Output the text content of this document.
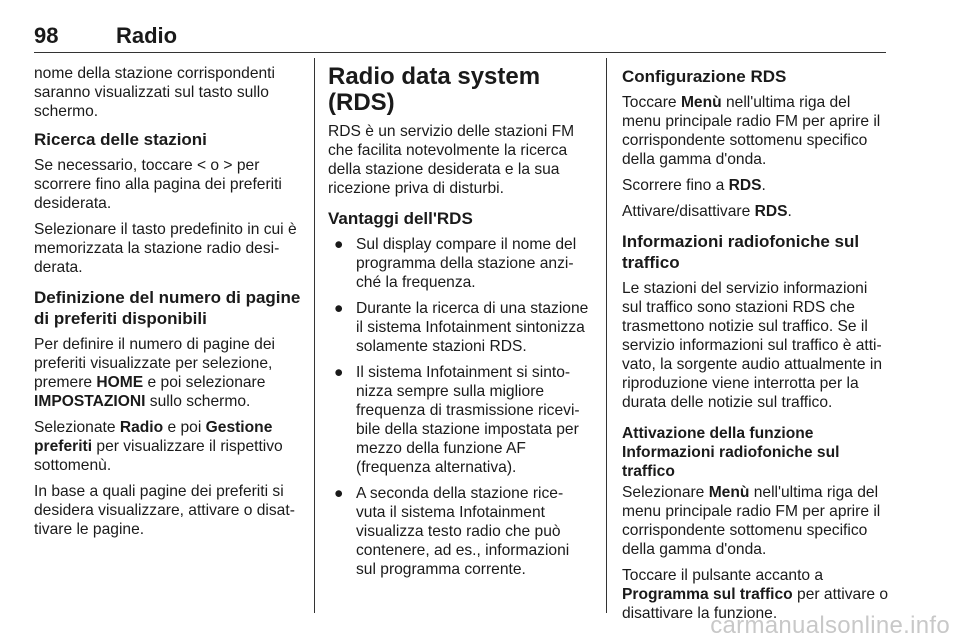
98	Radio

nome della stazione corrispondenti saranno visualizzati sul tasto sullo schermo.

Ricerca delle stazioni

Se necessario, toccare < o > per scorrere fino alla pagina dei preferiti desiderata.

Selezionare il tasto predefinito in cui è memorizzata la stazione radio desi‐derata.

Definizione del numero di pagine di preferiti disponibili

Per definire il numero di pagine dei preferiti visualizzate per selezione, premere HOME e poi selezionare IMPOSTAZIONI sullo schermo.

Selezionate Radio e poi Gestione preferiti per visualizzare il rispettivo sottomenù.

In base a quali pagine dei preferiti si desidera visualizzare, attivare o disat‐tivare le pagine.

Radio data system (RDS)

RDS è un servizio delle stazioni FM che facilita notevolmente la ricerca della stazione desiderata e la sua ricezione priva di disturbi.

Vantaggi dell'RDS
● Sul display compare il nome del programma della stazione anzi‐ché la frequenza.
● Durante la ricerca di una stazione il sistema Infotainment sintonizza solamente stazioni RDS.
● Il sistema Infotainment si sinto‐nizza sempre sulla migliore frequenza di trasmissione ricevi‐bile della stazione impostata per mezzo della funzione AF (frequenza alternativa).
● A seconda della stazione rice‐vuta il sistema Infotainment visualizza testo radio che può contenere, ad es., informazioni sul programma corrente.
Configurazione RDS

Toccare Menù nell'ultima riga del menu principale radio FM per aprire il corrispondente sottomenu specifico della gamma d'onda.

Scorrere fino a RDS.

Attivare/disattivare RDS.

Informazioni radiofoniche sul traffico

Le stazioni del servizio informazioni sul traffico sono stazioni RDS che trasmettono notizie sul traffico. Se il servizio informazioni sul traffico è atti‐vato, la sorgente audio attualmente in riproduzione viene interrotta per la durata delle notizie sul traffico.

Attivazione della funzione Informazioni radiofoniche sul traffico

Selezionare Menù nell'ultima riga del menu principale radio FM per aprire il corrispondente sottomenu specifico della gamma d'onda.

Toccare il pulsante accanto a Programma sul traffico per attivare o disattivare la funzione.

carmanualsonline.info
